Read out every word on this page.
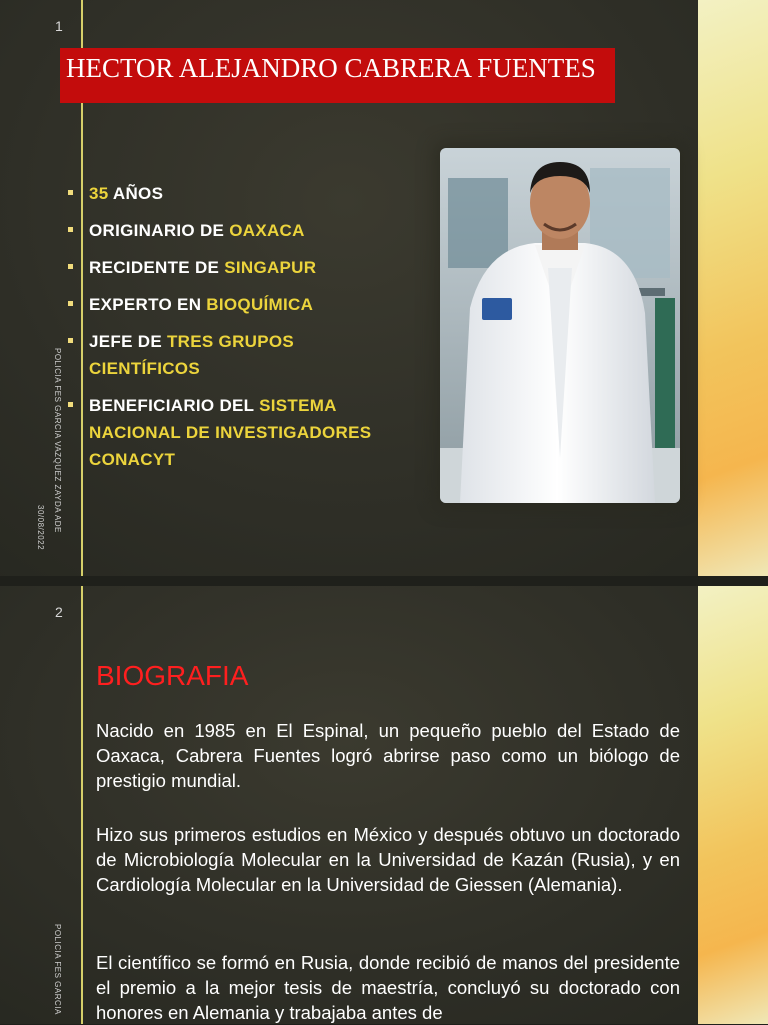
1
POLICIA FES GARCIA VAZQUEZ ZAYDA ADE
30/08/2022
HECTOR ALEJANDRO CABRERA FUENTES
35 AÑOS
ORIGINARIO DE OAXACA
RECIDENTE DE SINGAPUR
EXPERTO EN BIOQUÍMICA
JEFE DE TRES GRUPOS CIENTÍFICOS
BENEFICIARIO DEL SISTEMA NACIONAL DE INVESTIGADORES CONACYT
2
POLICIA FES GARCIA
BIOGRAFIA

Nacido en 1985 en El Espinal, un pequeño pueblo del Estado de Oaxaca, Cabrera Fuentes logró abrirse paso como un biólogo de prestigio mundial.

Hizo sus primeros estudios en México y después obtuvo un doctorado de Microbiología Molecular en la Universidad de Kazán (Rusia), y en Cardiología Molecular en la Universidad de Giessen (Alemania).

El científico se formó en Rusia, donde recibió de manos del presidente el premio a la mejor tesis de maestría, concluyó su doctorado con honores en Alemania y trabajaba antes de
